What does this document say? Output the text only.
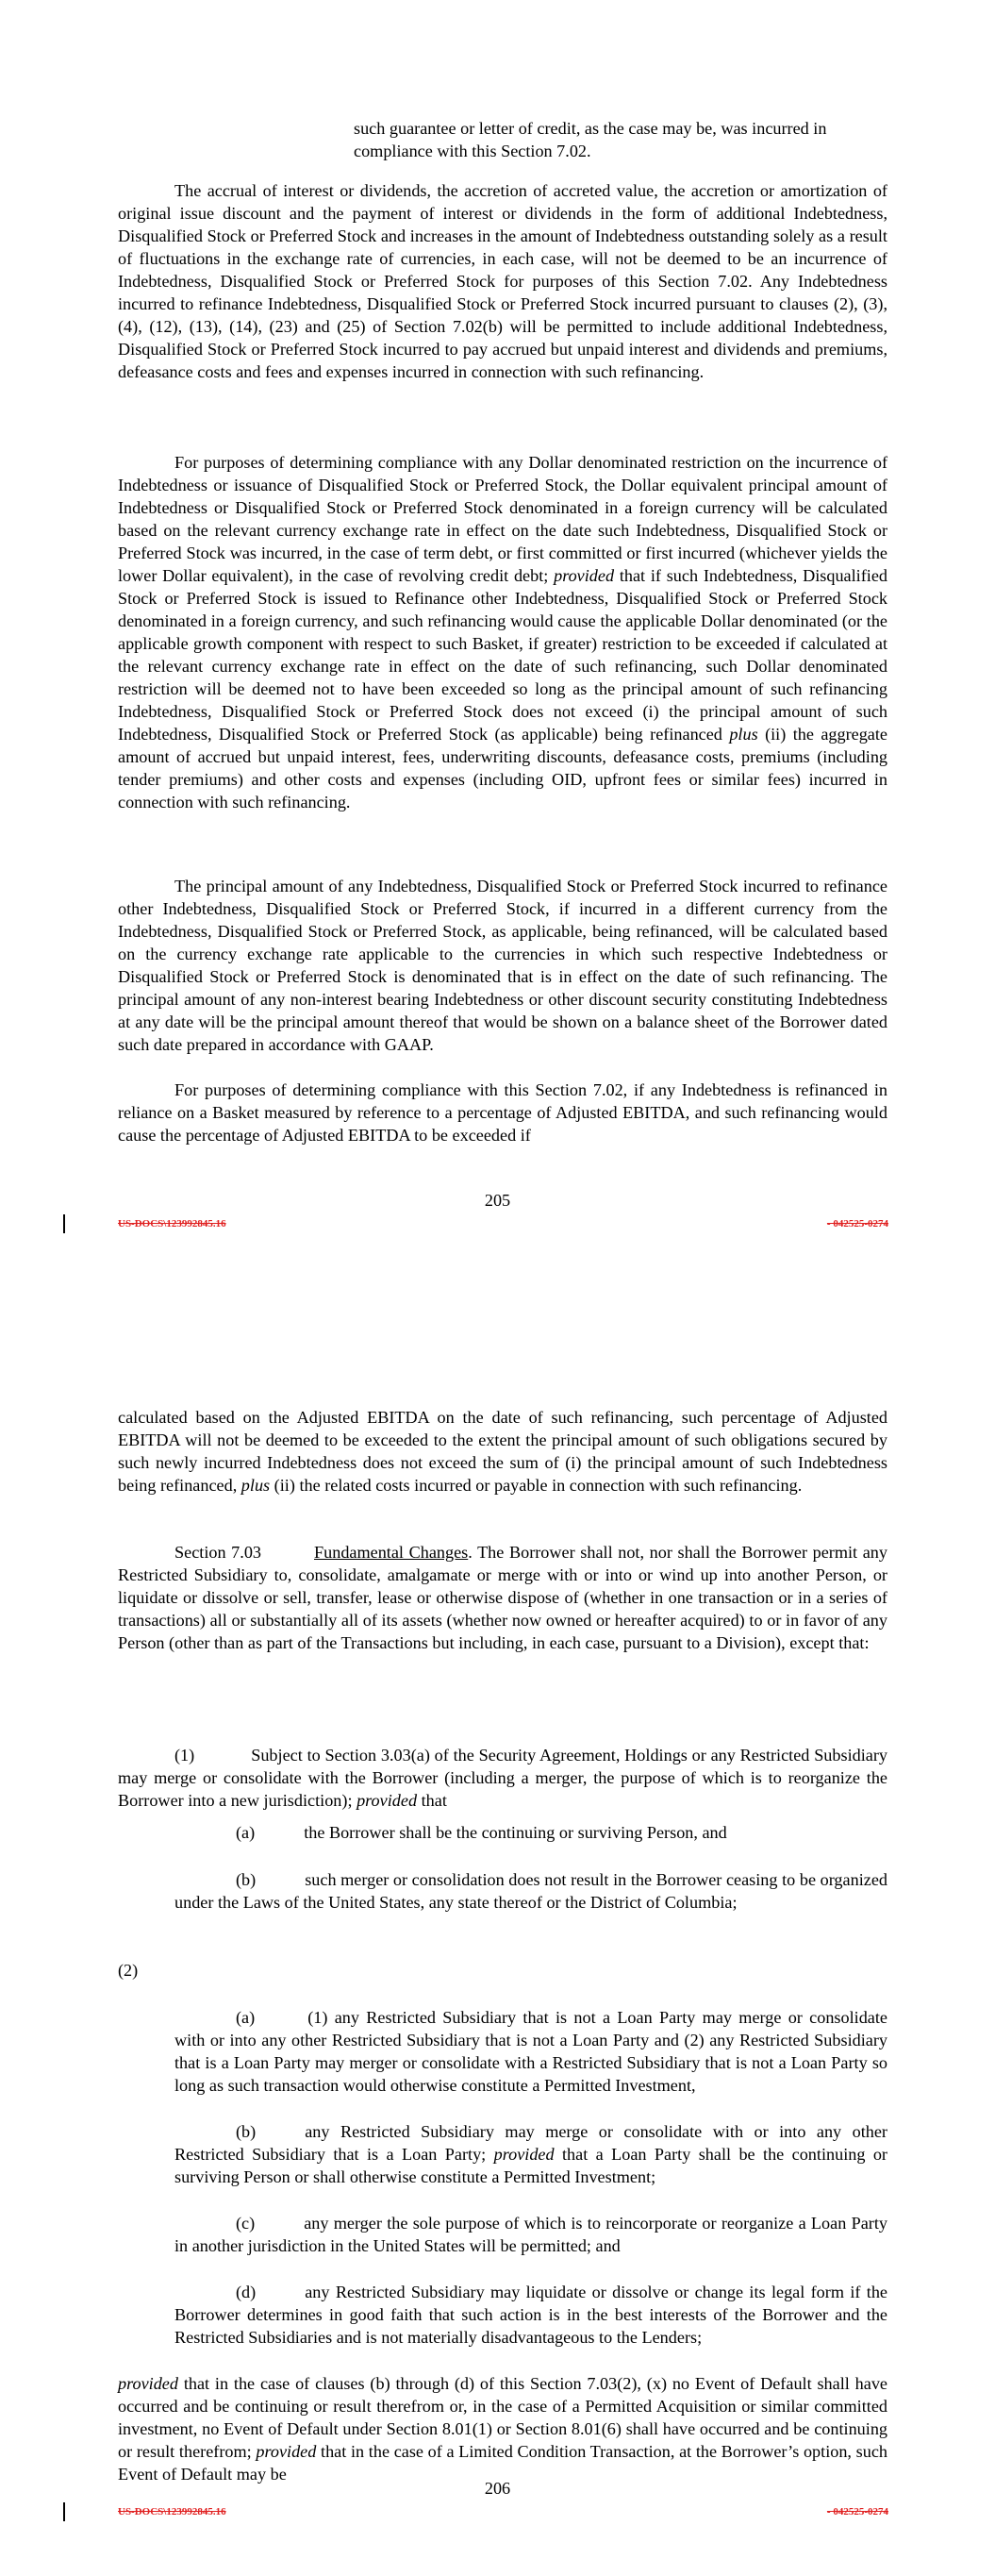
such guarantee or letter of credit, as the case may be, was incurred in compliance with this Section 7.02.

The accrual of interest or dividends, the accretion of accreted value, the accretion or amortization of original issue discount and the payment of interest or dividends in the form of additional Indebtedness, Disqualified Stock or Preferred Stock and increases in the amount of Indebtedness outstanding solely as a result of fluctuations in the exchange rate of currencies, in each case, will not be deemed to be an incurrence of Indebtedness, Disqualified Stock or Preferred Stock for purposes of this Section 7.02. Any Indebtedness incurred to refinance Indebtedness, Disqualified Stock or Preferred Stock incurred pursuant to clauses (2), (3), (4), (12), (13), (14), (23) and (25) of Section 7.02(b) will be permitted to include additional Indebtedness, Disqualified Stock or Preferred Stock incurred to pay accrued but unpaid interest and dividends and premiums, defeasance costs and fees and expenses incurred in connection with such refinancing.

For purposes of determining compliance with any Dollar denominated restriction on the incurrence of Indebtedness or issuance of Disqualified Stock or Preferred Stock, the Dollar equivalent principal amount of Indebtedness or Disqualified Stock or Preferred Stock denominated in a foreign currency will be calculated based on the relevant currency exchange rate in effect on the date such Indebtedness, Disqualified Stock or Preferred Stock was incurred, in the case of term debt, or first committed or first incurred (whichever yields the lower Dollar equivalent), in the case of revolving credit debt; provided that if such Indebtedness, Disqualified Stock or Preferred Stock is issued to Refinance other Indebtedness, Disqualified Stock or Preferred Stock denominated in a foreign currency, and such refinancing would cause the applicable Dollar denominated (or the applicable growth component with respect to such Basket, if greater) restriction to be exceeded if calculated at the relevant currency exchange rate in effect on the date of such refinancing, such Dollar denominated restriction will be deemed not to have been exceeded so long as the principal amount of such refinancing Indebtedness, Disqualified Stock or Preferred Stock does not exceed (i) the principal amount of such Indebtedness, Disqualified Stock or Preferred Stock (as applicable) being refinanced plus (ii) the aggregate amount of accrued but unpaid interest, fees, underwriting discounts, defeasance costs, premiums (including tender premiums) and other costs and expenses (including OID, upfront fees or similar fees) incurred in connection with such refinancing.

The principal amount of any Indebtedness, Disqualified Stock or Preferred Stock incurred to refinance other Indebtedness, Disqualified Stock or Preferred Stock, if incurred in a different currency from the Indebtedness, Disqualified Stock or Preferred Stock, as applicable, being refinanced, will be calculated based on the currency exchange rate applicable to the currencies in which such respective Indebtedness or Disqualified Stock or Preferred Stock is denominated that is in effect on the date of such refinancing. The principal amount of any non-interest bearing Indebtedness or other discount security constituting Indebtedness at any date will be the principal amount thereof that would be shown on a balance sheet of the Borrower dated such date prepared in accordance with GAAP.

For purposes of determining compliance with this Section 7.02, if any Indebtedness is refinanced in reliance on a Basket measured by reference to a percentage of Adjusted EBITDA, and such refinancing would cause the percentage of Adjusted EBITDA to be exceeded if

205
US-DOCS\123992845.16	- 042525-0274

calculated based on the Adjusted EBITDA on the date of such refinancing, such percentage of Adjusted EBITDA will not be deemed to be exceeded to the extent the principal amount of such obligations secured by such newly incurred Indebtedness does not exceed the sum of (i) the principal amount of such Indebtedness being refinanced, plus (ii) the related costs incurred or payable in connection with such refinancing.

Section 7.03	Fundamental Changes. The Borrower shall not, nor shall the Borrower permit any Restricted Subsidiary to, consolidate, amalgamate or merge with or into or wind up into another Person, or liquidate or dissolve or sell, transfer, lease or otherwise dispose of (whether in one transaction or in a series of transactions) all or substantially all of its assets (whether now owned or hereafter acquired) to or in favor of any Person (other than as part of the Transactions but including, in each case, pursuant to a Division), except that:

(1)	Subject to Section 3.03(a) of the Security Agreement, Holdings or any Restricted Subsidiary may merge or consolidate with the Borrower (including a merger, the purpose of which is to reorganize the Borrower into a new jurisdiction); provided that

(a)	the Borrower shall be the continuing or surviving Person, and

(b)	such merger or consolidation does not result in the Borrower ceasing to be organized under the Laws of the United States, any state thereof or the District of Columbia;

(2)

(a)	(1) any Restricted Subsidiary that is not a Loan Party may merge or consolidate with or into any other Restricted Subsidiary that is not a Loan Party and (2) any Restricted Subsidiary that is a Loan Party may merger or consolidate with a Restricted Subsidiary that is not a Loan Party so long as such transaction would otherwise constitute a Permitted Investment,

(b)	any Restricted Subsidiary may merge or consolidate with or into any other Restricted Subsidiary that is a Loan Party; provided that a Loan Party shall be the continuing or surviving Person or shall otherwise constitute a Permitted Investment;

(c)	any merger the sole purpose of which is to reincorporate or reorganize a Loan Party in another jurisdiction in the United States will be permitted; and

(d)	any Restricted Subsidiary may liquidate or dissolve or change its legal form if the Borrower determines in good faith that such action is in the best interests of the Borrower and the Restricted Subsidiaries and is not materially disadvantageous to the Lenders;

provided that in the case of clauses (b) through (d) of this Section 7.03(2), (x) no Event of Default shall have occurred and be continuing or result therefrom or, in the case of a Permitted Acquisition or similar committed investment, no Event of Default under Section 8.01(1) or Section 8.01(6) shall have occurred and be continuing or result therefrom; provided that in the case of a Limited Condition Transaction, at the Borrower’s option, such Event of Default may be

206
US-DOCS\123992845.16	- 042525-0274
